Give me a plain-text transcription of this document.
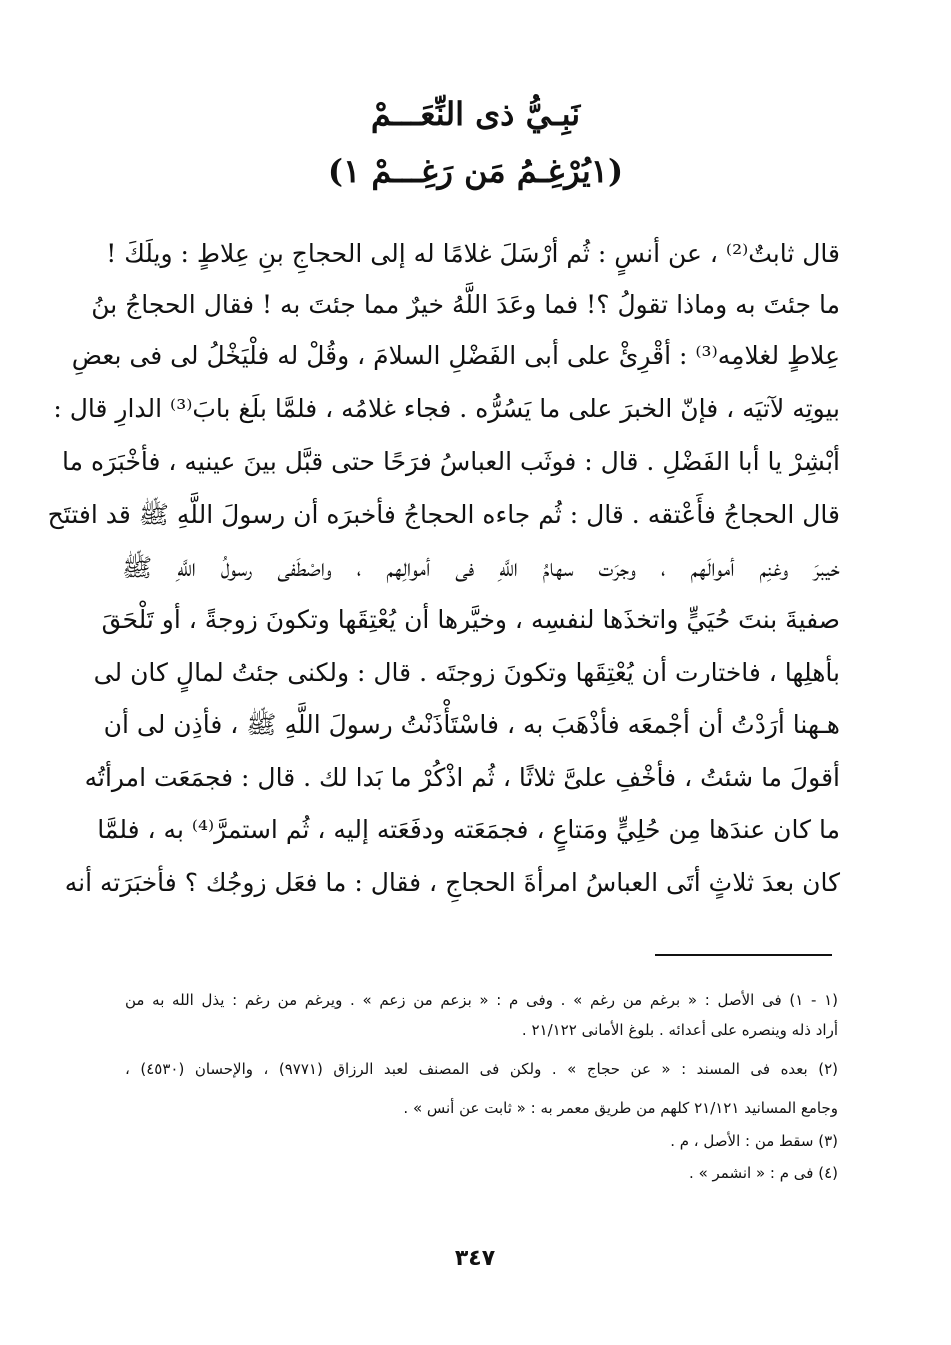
نَبِـيُّ ذى النِّعَـــمْ
(١يُرْغِـمُ مَن رَغِـــمْ ١)
قال ثابتٌ⁽²⁾ ، عن أنسٍ : ثُم أرْسَلَ غلامًا له إلى الحجاجِ بنِ عِلاطٍ : ويلَكَ !
ما جئتَ به وماذا تقولُ ؟! فما وعَدَ اللَّهُ خيرٌ مما جئتَ به ! فقال الحجاجُ بنُ
عِلاطٍ لغلامِه⁽³⁾ : أقْرِئْ على أبى الفَضْلِ السلامَ ، وقُلْ له فلْيَخْلُ لى فى بعضِ
بيوتِه لآتيَه ، فإنّ الخبرَ على ما يَسُرُّه . فجاء غلامُه ، فلمَّا بلَغ بابَ⁽³⁾ الدارِ قال :
أبْشِرْ يا أبا الفَضْلِ . قال : فوثَب العباسُ فرَحًا حتى قبَّل بينَ عينيه ، فأخْبَرَه ما
قال الحجاجُ فأَعْتقه . قال : ثُم جاءه الحجاجُ فأخبرَه أن رسولَ اللَّهِ ﷺ قد افتتَح
خيبرَ وغنِم أموالَهم ، وجرَت سهامُ اللَّهِ فى أموالِهم ، واصْطَفى رسولُ اللَّهِ ﷺ
صفيةَ بنتَ حُيَيٍّ واتخذَها لنفسِه ، وخيَّرها أن يُعْتِقَها وتكونَ زوجةً ، أو تَلْحَقَ
بأهلِها ، فاختارت أن يُعْتِقَها وتكونَ زوجتَه . قال : ولكنى جئتُ لمالٍ كان لى
هـهنا أرَدْتُ أن أجْمعَه فأذْهَبَ به ، فاسْتَأْذَنْتُ رسولَ اللَّهِ ﷺ ، فأذِن لى أن
أقولَ ما شئتُ ، فأخْفِ علىَّ ثلاثًا ، ثُم اذْكُرْ ما بَدا لك . قال : فجمَعَت امرأتُه
ما كان عندَها مِن حُلِيٍّ ومَتاعٍ ، فجمَعَته ودفَعَته إليه ، ثُم استمرَّ⁽⁴⁾ به ، فلمَّا
كان بعدَ ثلاثٍ أتَى العباسُ امرأةَ الحجاجِ ، فقال : ما فعَل زوجُك ؟ فأخبَرَته أنه
(١ - ١) فى الأصل : « برغم من رغم » . وفى م : « بزعم من زعم » . ويرغم من رغم : يذل الله به من
أراد ذله وينصره على أعدائه . بلوغ الأمانى ٢١/١٢٢ .
(٢) بعده فى المسند : « عن حجاج » . ولكن فى المصنف لعبد الرزاق (٩٧٧١) ، والإحسان (٤٥٣٠) ،
وجامع المسانيد ٢١/١٢١ كلهم من طريق معمر به : « ثابت عن أنس » .
(٣) سقط من : الأصل ، م .
(٤) فى م : « انشمر » .
٣٤٧
